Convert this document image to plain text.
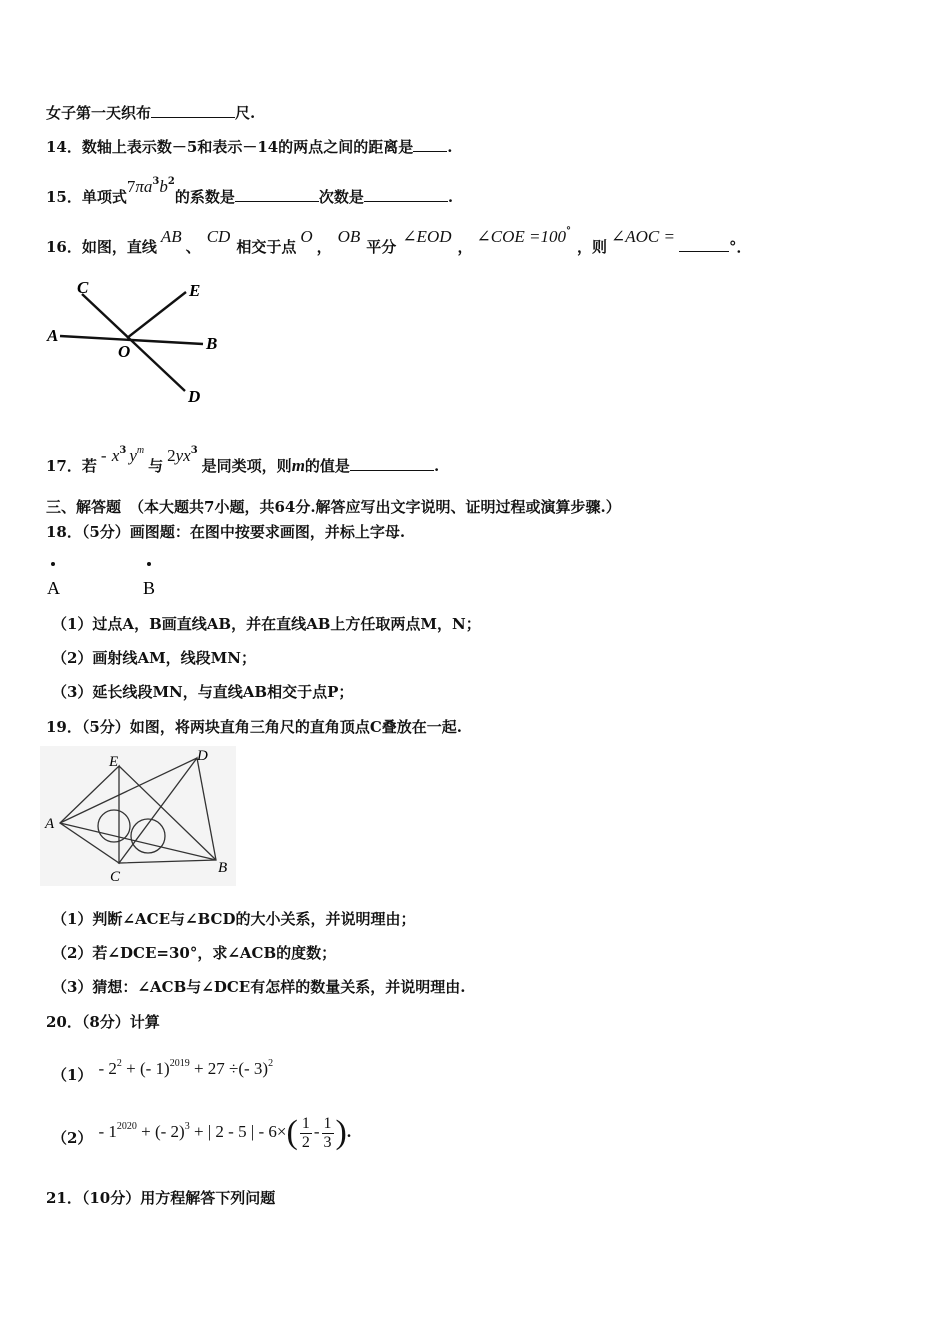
女子第一天织布	尺.
14．数轴上表示数－5和表示－14的两点之间的距离是 .
15．单项式$7\pi a^3b^2$的系数是	次数是	.
16．如图，直线AB、CD相交于点O，OB平分∠EOD，∠COE =100°，则∠AOC =°．
C	E
A
O	B
D
17．若- $x^3$ $y^m$与$2yx^3$是同类项，则m的值是	.
三、解答题 （本大题共7小题，共64分.解答应写出文字说明、证明过程或演算步骤.）
18．（5分）画图题：在图中按要求画图，并标上字母.
A	B
（1）过点A，B画直线AB，并在直线AB上方任取两点M，N；
（2）画射线AM，线段MN；
（3）延长线段MN，与直线AB相交于点P；
19．（5分）如图，将两块直角三角尺的直角顶点C叠放在一起.
E	D
A
C
B
（1）判断∠ACE与∠BCD的大小关系，并说明理由；
（2）若∠DCE=30°，求∠ACB的度数；
（3）猜想：∠ACB与∠DCE有怎样的数量关系，并说明理由.
20．（8分）计算
$(1) - 2^2$ + (- 1)$^{2019}$ + 27 ÷(- 3)$^2$
$(2) - 1^{2020}$ + (- 2)$^3$ + | 2 - 5 | - $6\times( \frac{1}{2} - \frac{1}{3}$ ).
21．（10分）用方程解答下列问题
